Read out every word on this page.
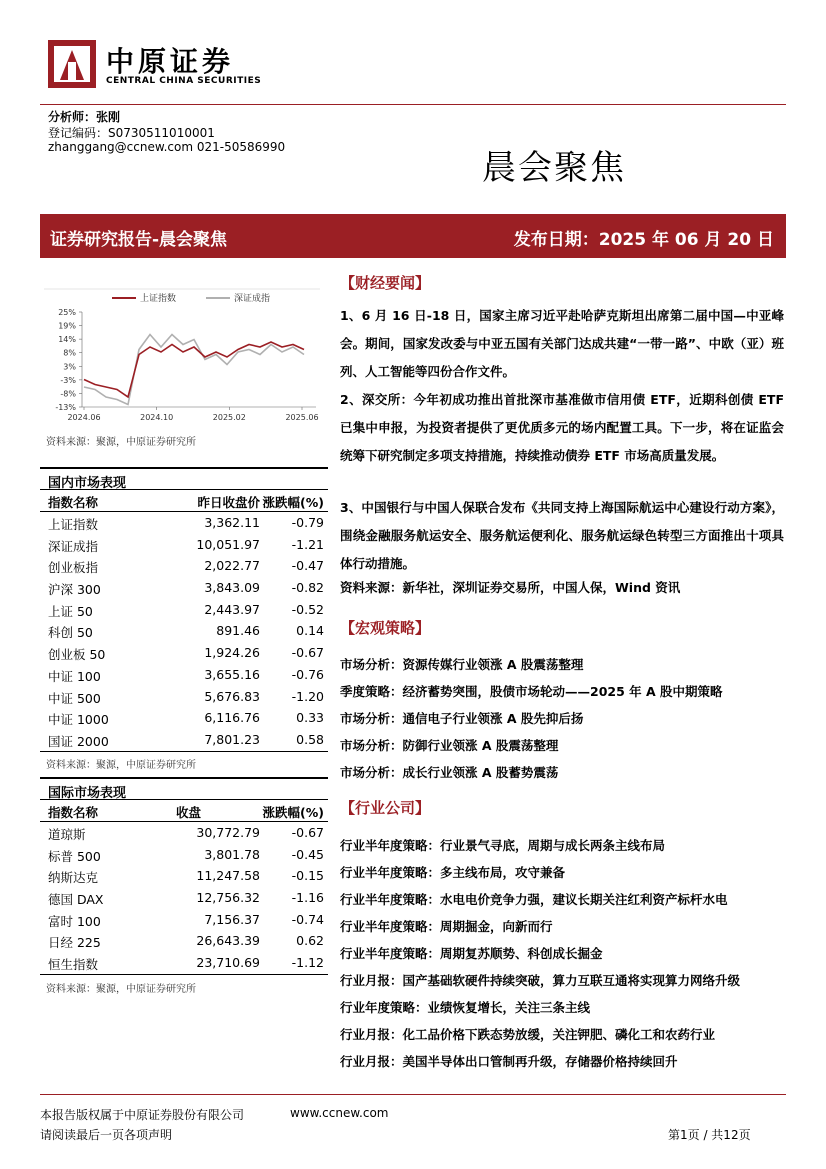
中原证券
CENTRAL CHINA SECURITIES
分析师：张刚
登记编码：S0730511010001
zhanggang@ccnew.com 021-50586990
晨会聚焦
证券研究报告-晨会聚焦	发布日期：2025 年 06 月 20 日
上证指数	深证成指
25%
19%
14%
8%
3%
-3%
-8%
-13%
2024.06	2024.10	2025.02	2025.06
资料来源：聚源，中原证券研究所
国内市场表现
指数名称	昨日收盘价 涨跌幅(%)
上证指数	3,362.11	-0.79
深证成指	10,051.97	-1.21
创业板指	2,022.77	-0.47
沪深 300	3,843.09	-0.82
上证 50	2,443.97	-0.52
科创 50	891.46	0.14
创业板 50	1,924.26	-0.67
中证 100	3,655.16	-0.76
中证 500	5,676.83	-1.20
中证 1000	6,116.76	0.33
国证 2000	7,801.23	0.58
资料来源：聚源，中原证券研究所
国际市场表现
指数名称	收盘	涨跌幅(%)
道琼斯	30,772.79	-0.67
标普 500	3,801.78	-0.45
纳斯达克	11,247.58	-0.15
德国 DAX	12,756.32	-1.16
富时 100	7,156.37	-0.74
日经 225	26,643.39	0.62
恒生指数	23,710.69	-1.12
资料来源：聚源，中原证券研究所
【财经要闻】
1、6 月 16 日-18 日，国家主席习近平赴哈萨克斯坦出席第二届中国—中亚峰会。期间，国家发改委与中亚五国有关部门达成共建“一带一路”、中欧（亚）班列、人工智能等四份合作文件。
2、深交所：今年初成功推出首批深市基准做市信用债 ETF，近期科创债 ETF 已集中申报，为投资者提供了更优质多元的场内配置工具。下一步，将在证监会统筹下研究制定多项支持措施，持续推动债券 ETF 市场高质量发展。
3、中国银行与中国人保联合发布《共同支持上海国际航运中心建设行动方案》，围绕金融服务航运安全、服务航运便利化、服务航运绿色转型三方面推出十项具体行动措施。
资料来源：新华社，深圳证券交易所，中国人保，Wind 资讯
【宏观策略】
市场分析：资源传媒行业领涨 A 股震荡整理
季度策略：经济蓄势突围，股债市场轮动——2025 年 A 股中期策略
市场分析：通信电子行业领涨 A 股先抑后扬
市场分析：防御行业领涨 A 股震荡整理
市场分析：成长行业领涨 A 股蓄势震荡
【行业公司】
行业半年度策略：行业景气寻底，周期与成长两条主线布局
行业半年度策略：多主线布局，攻守兼备
行业半年度策略：水电电价竞争力强，建议长期关注红利资产标杆水电
行业半年度策略：周期掘金，向新而行
行业半年度策略：周期复苏顺势、科创成长掘金
行业月报：国产基础软硬件持续突破，算力互联互通将实现算力网络升级
行业年度策略：业绩恢复增长，关注三条主线
行业月报：化工品价格下跌态势放缓，关注钾肥、磷化工和农药行业
行业月报：美国半导体出口管制再升级，存储器价格持续回升
本报告版权属于中原证券股份有限公司	www.ccnew.com
请阅读最后一页各项声明	第1页 / 共12页
